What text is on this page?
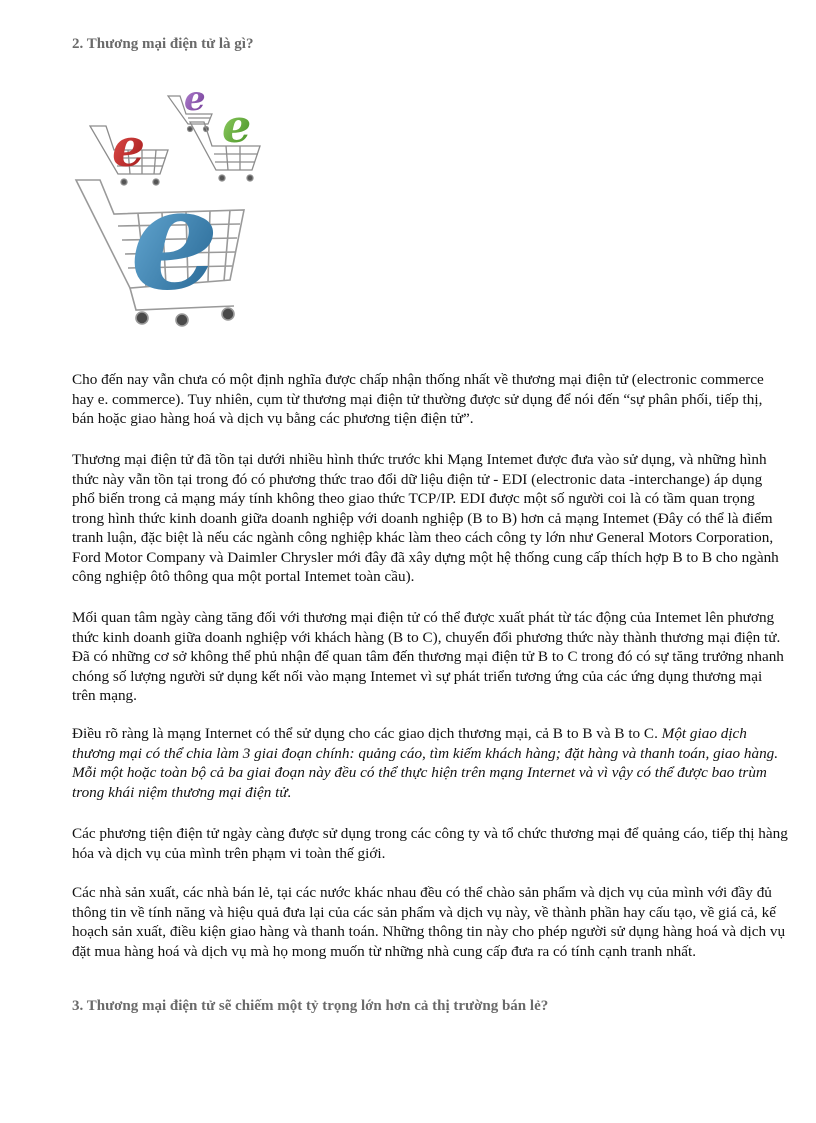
2. Thương mại điện tử là gì?
e
e e
e

Cho đến nay vẫn chưa có một định nghĩa được chấp nhận thống nhất về thương mại điện tử (electronic commerce hay e. commerce). Tuy nhiên, cụm từ thương mại điện tử thường được sử dụng để nói đến “sự phân phối, tiếp thị, bán hoặc giao hàng hoá và dịch vụ bằng các phương tiện điện tử”.

Thương mại điện tử đã tồn tại dưới nhiều hình thức trước khi Mạng Intemet được đưa vào sử dụng, và những hình thức này vẫn tồn tại trong đó có phương thức trao đổi dữ liệu điện tử - EDI (electronic data -interchange) áp dụng phổ biến trong cả mạng máy tính không theo giao thức TCP/IP. EDI được một số người coi là có tầm quan trọng trong hình thức kinh doanh giữa doanh nghiệp với doanh nghiệp (B to B) hơn cả mạng Intemet (Đây có thể là điểm tranh luận, đặc biệt là nếu các ngành công nghiệp khác làm theo cách công ty lớn như General Motors Corporation, Ford Motor Company và Daimler Chrysler mới đây đã xây dựng một hệ thống cung cấp thích hợp B to B cho ngành công nghiệp ôtô thông qua một portal Intemet toàn cầu).

Mối quan tâm ngày càng tăng đối với thương mại điện tử có thể được xuất phát từ tác động của Intemet lên phương thức kinh doanh giữa doanh nghiệp với khách hàng (B to C), chuyển đổi phương thức này thành thương mại điện tử. Đã có những cơ sở không thể phủ nhận để quan tâm đến thương mại điện tử B to C trong đó có sự tăng trưởng nhanh chóng số lượng người sử dụng kết nối vào mạng Intemet vì sự phát triển tương ứng của các ứng dụng thương mại trên mạng.

Điều rõ ràng là mạng Internet có thể sử dụng cho các giao dịch thương mại, cả B to B và B to C. Một giao dịch thương mại có thể chia làm 3 giai đoạn chính: quảng cáo, tìm kiếm khách hàng; đặt hàng và thanh toán, giao hàng. Mỗi một hoặc toàn bộ cả ba giai đoạn này đều có thể thực hiện trên mạng Internet và vì vậy có thể được bao trùm trong khái niệm thương mại điện tử.

Các phương tiện điện tử ngày càng được sử dụng trong các công ty và tổ chức thương mại để quảng cáo, tiếp thị hàng hóa và dịch vụ của mình trên phạm vi toàn thế giới.

Các nhà sản xuất, các nhà bán lẻ, tại các nước khác nhau đều có thể chào sản phẩm và dịch vụ của mình với đầy đủ thông tin về tính năng và hiệu quả đưa lại của các sản phẩm và dịch vụ này, về thành phần hay cấu tạo, về giá cả, kế hoạch sản xuất, điều kiện giao hàng và thanh toán. Những thông tin này cho phép người sử dụng hàng hoá và dịch vụ đặt mua hàng hoá và dịch vụ mà họ mong muốn từ những nhà cung cấp đưa ra có tính cạnh tranh nhất.

3. Thương mại điện tử sẽ chiếm một tỷ trọng lớn hơn cả thị trường bán lẻ?
